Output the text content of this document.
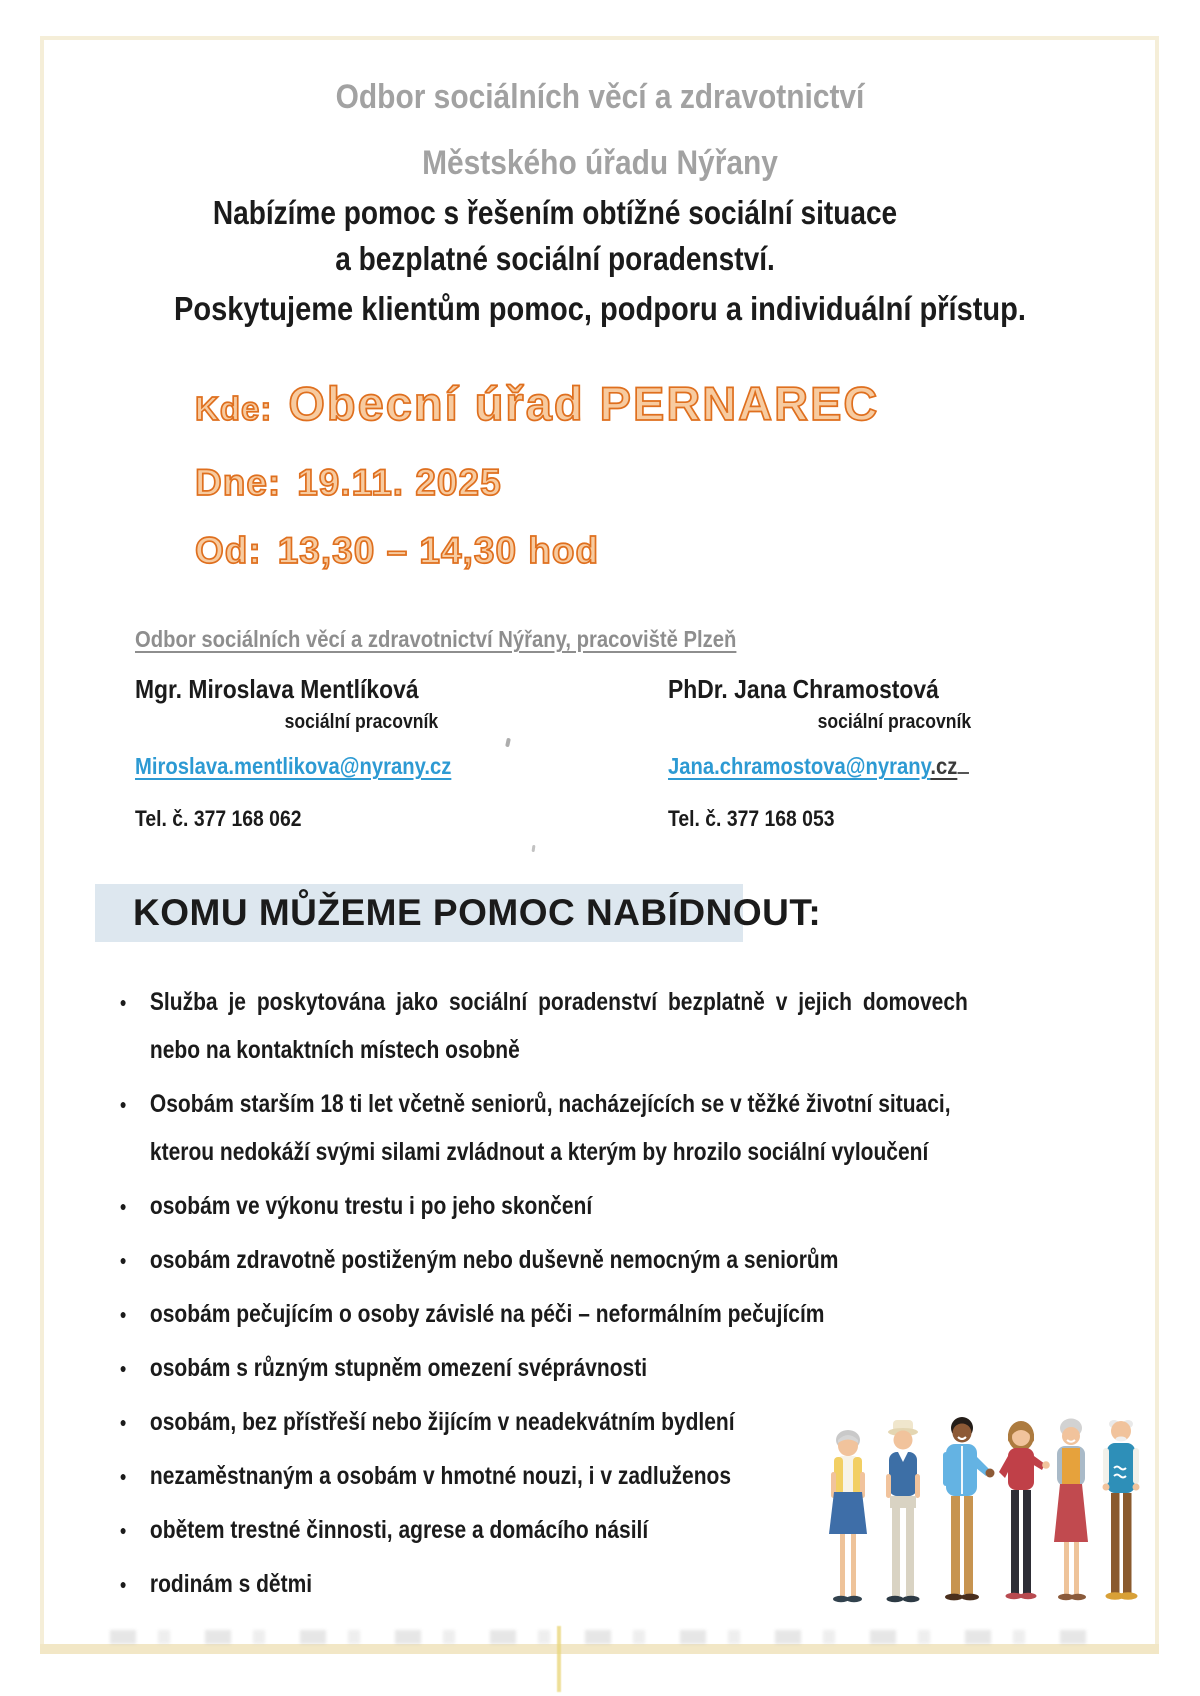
Odbor sociálních věcí a zdravotnictví
Městského úřadu Nýřany
Nabízíme pomoc s řešením obtížné sociální situace
a bezplatné sociální poradenství.
Poskytujeme klientům pomoc, podporu a individuální přístup.
Kde: Obecní úřad PERNAREC
Dne: 19.11. 2025
Od: 13,30 – 14,30 hod
Odbor sociálních věcí a zdravotnictví Nýřany, pracoviště Plzeň
Mgr. Miroslava Mentlíková
sociální pracovník
Miroslava.mentlikova@nyrany.cz
Tel. č. 377 168 062
PhDr. Jana Chramostová
sociální pracovník
Jana.chramostova@nyrany.cz
Tel. č. 377 168 053
KOMU MŮŽEME POMOC NABÍDNOUT:
● Služba je poskytována jako sociální poradenství bezplatně v jejich domovech
nebo na kontaktních místech osobně
● Osobám starším 18 ti let včetně seniorů, nacházejících se v těžké životní situaci,
kterou nedokáží svými silami zvládnout a kterým by hrozilo sociální vyloučení
● osobám ve výkonu trestu i po jeho skončení
● osobám zdravotně postiženým nebo duševně nemocným a seniorům
● osobám pečujícím o osoby závislé na péči – neformálním pečujícím
● osobám s různým stupněm omezení svéprávnosti
● osobám, bez přístřeší nebo žijícím v neadekvátním bydlení
● nezaměstnaným a osobám v hmotné nouzi, i v zadluženos
● obětem trestné činnosti, agrese a domácího násilí
● rodinám s dětmi
